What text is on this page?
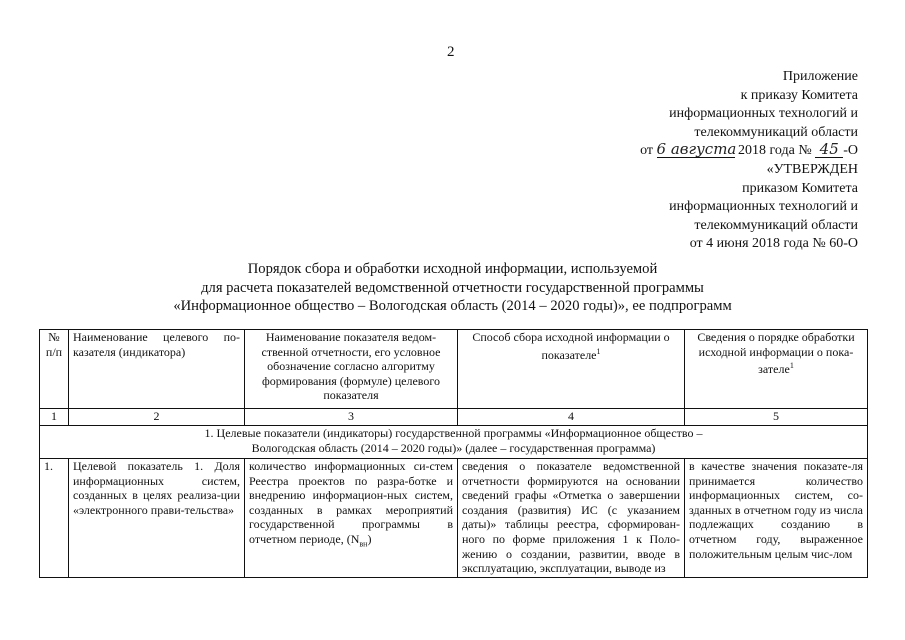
2
Приложение
к приказу Комитета
информационных технологий и
телекоммуникаций области
от 6 августа 2018 года № 45 -О
«УТВЕРЖДЕН
приказом Комитета
информационных технологий и
телекоммуникаций области
от 4 июня 2018 года № 60-О
Порядок сбора и обработки исходной информации, используемой
для расчета показателей ведомственной отчетности государственной программы
«Информационное общество – Вологодская область (2014 – 2020 годы)», ее подпрограмм
№ п/п	Наименование целевого по-казателя (индикатора)	Наименование показателя ведом-ственной отчетности, его условное обозначение согласно алгоритму формирования (формуле) целевого показателя	Способ сбора исходной информации о показателе$^1$	Сведения о порядке обработки исходной информации о пока-зателе$^1$
1	2	3	4	5

1. Целевые показатели (индикаторы) государственной программы «Информационное общество –
Вологодская область (2014 – 2020 годы)» (далее – государственная программа)				

1.	Целевой показатель 1. Доля информационных систем, созданных в целях реализа-ции «электронного прави-тельства»	количество информационных си-стем Реестра проектов по разра-ботке и внедрению информацион-ных систем, созданных в рамках мероприятий государственной программы в отчетном периоде, $(N_{вн})$	сведения о показателе ведомственной отчетности формируются на основании сведений графы «Отметка о завершении создания (развития) ИС (с указанием даты)» таблицы реестра, сформирован-ного по форме приложения 1 к Поло-жению о создании, развитии, вводе в эксплуатацию, эксплуатации, выводе из	в качестве значения показате-ля принимается количество информационных систем, со-зданных в отчетном году из числа подлежащих созданию в отчетном году, выраженное положительным целым чис-лом
